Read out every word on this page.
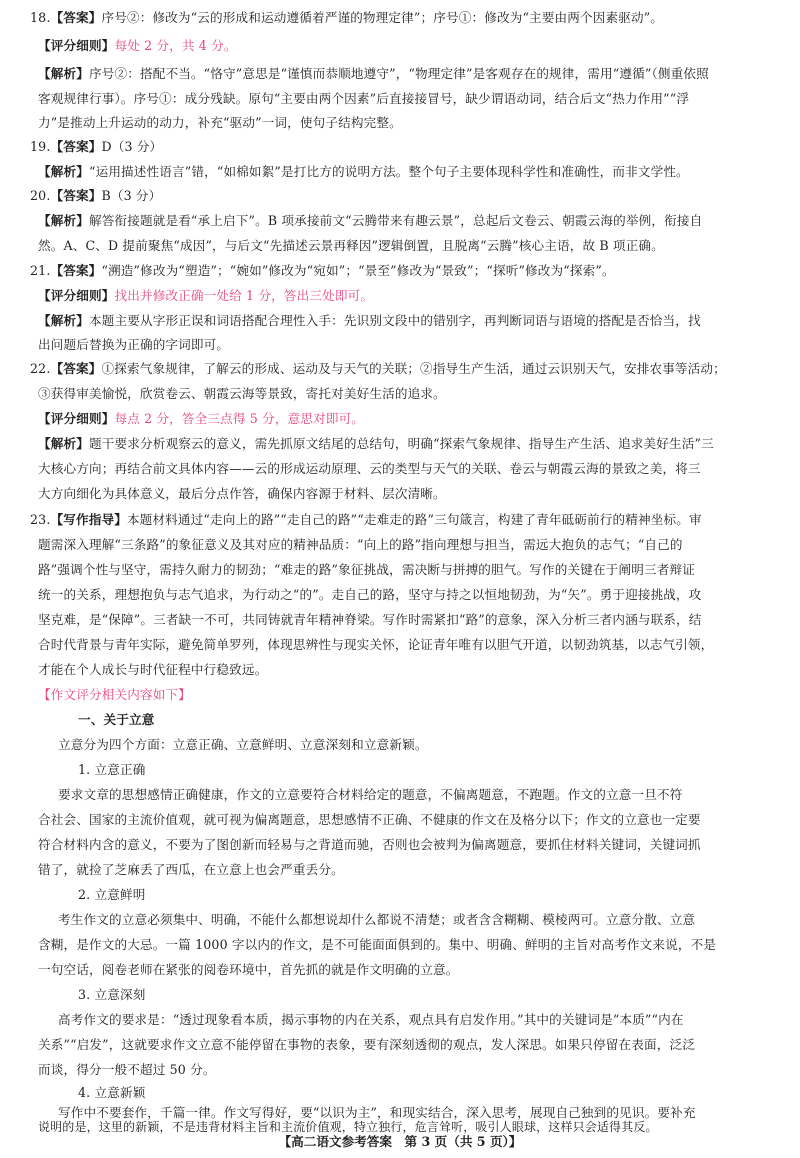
18.【答案】序号②：修改为“云的形成和运动遵循着严谨的物理定律”；序号①：修改为“主要由两个因素驱动”。
【评分细则】每处 2 分，共 4 分。
【解析】序号②：搭配不当。“恪守”意思是“谨慎而恭顺地遵守”，“物理定律”是客观存在的规律，需用“遵循”（侧重依照
客观规律行事）。序号①：成分残缺。原句“主要由两个因素”后直接接冒号，缺少谓语动词，结合后文“热力作用”“浮
力”是推动上升运动的动力，补充“驱动”一词，使句子结构完整。
19.【答案】D（3 分）
【解析】“运用描述性语言”错，“如棉如絮”是打比方的说明方法。整个句子主要体现科学性和准确性，而非文学性。
20.【答案】B（3 分）
【解析】解答衔接题就是看“承上启下”。B 项承接前文“云腾带来有趣云景”，总起后文卷云、朝霞云海的举例，衔接自
然。A、C、D 提前聚焦“成因”，与后文“先描述云景再释因”逻辑倒置，且脱离“云腾”核心主语，故 B 项正确。
21.【答案】“溯造”修改为“塑造”；“婉如”修改为“宛如”；“景至”修改为“景致”；“探听”修改为“探索”。
【评分细则】找出并修改正确一处给 1 分，答出三处即可。
【解析】本题主要从字形正误和词语搭配合理性入手：先识别文段中的错别字，再判断词语与语境的搭配是否恰当，找
出问题后替换为正确的字词即可。
22.【答案】①探索气象规律，了解云的形成、运动及与天气的关联；②指导生产生活，通过云识别天气，安排农事等活动；
③获得审美愉悦，欣赏卷云、朝霞云海等景致，寄托对美好生活的追求。
【评分细则】每点 2 分，答全三点得 5 分，意思对即可。
【解析】题干要求分析观察云的意义，需先抓原文结尾的总结句，明确“探索气象规律、指导生产生活、追求美好生活”三
大核心方向；再结合前文具体内容——云的形成运动原理、云的类型与天气的关联、卷云与朝霞云海的景致之美，将三
大方向细化为具体意义，最后分点作答，确保内容源于材料、层次清晰。
23.【写作指导】本题材料通过“走向上的路”“走自己的路”“走难走的路”三句箴言，构建了青年砥砺前行的精神坐标。审
题需深入理解“三条路”的象征意义及其对应的精神品质：“向上的路”指向理想与担当，需远大抱负的志气；“自己的
路”强调个性与坚守，需持久耐力的韧劲；“难走的路”象征挑战，需决断与拼搏的胆气。写作的关键在于阐明三者辩证
统一的关系，理想抱负与志气追求，为行动之“的”。走自己的路，坚守与持之以恒地韧劲，为“矢”。勇于迎接挑战，攻
坚克难，是“保障”。三者缺一不可，共同铸就青年精神脊梁。写作时需紧扣“路”的意象，深入分析三者内涵与联系，结
合时代背景与青年实际，避免简单罗列，体现思辨性与现实关怀，论证青年唯有以胆气开道，以韧劲筑基，以志气引领，
才能在个人成长与时代征程中行稳致远。
【作文评分相关内容如下】
一、关于立意
立意分为四个方面：立意正确、立意鲜明、立意深刻和立意新颖。
1. 立意正确
要求文章的思想感情正确健康，作文的立意要符合材料给定的题意，不偏离题意，不跑题。作文的立意一旦不符
合社会、国家的主流价值观，就可视为偏离题意，思想感情不正确、不健康的作文在及格分以下；作文的立意也一定要
符合材料内含的意义，不要为了图创新而轻易与之背道而驰，否则也会被判为偏离题意，要抓住材料关键词，关键词抓
错了，就捡了芝麻丢了西瓜，在立意上也会严重丢分。
2. 立意鲜明
考生作文的立意必须集中、明确，不能什么都想说却什么都说不清楚；或者含含糊糊、模棱两可。立意分散、立意
含糊，是作文的大忌。一篇 1000 字以内的作文，是不可能面面俱到的。集中、明确、鲜明的主旨对高考作文来说，不是
一句空话，阅卷老师在紧张的阅卷环境中，首先抓的就是作文明确的立意。
3. 立意深刻
高考作文的要求是：“透过现象看本质，揭示事物的内在关系，观点具有启发作用。”其中的关键词是“本质”“内在
关系”“启发”，这就要求作文立意不能停留在事物的表象，要有深刻透彻的观点，发人深思。如果只停留在表面，泛泛
而谈，得分一般不超过 50 分。
4. 立意新颖
写作中不要套作，千篇一律。作文写得好，要“以识为主”，和现实结合，深入思考，展现自己独到的见识。要补充
说明的是，这里的新颖，不是违背材料主旨和主流价值观，特立独行，危言耸听，吸引人眼球，这样只会适得其反。
【高二语文参考答案　第 3 页（共 5 页）】
